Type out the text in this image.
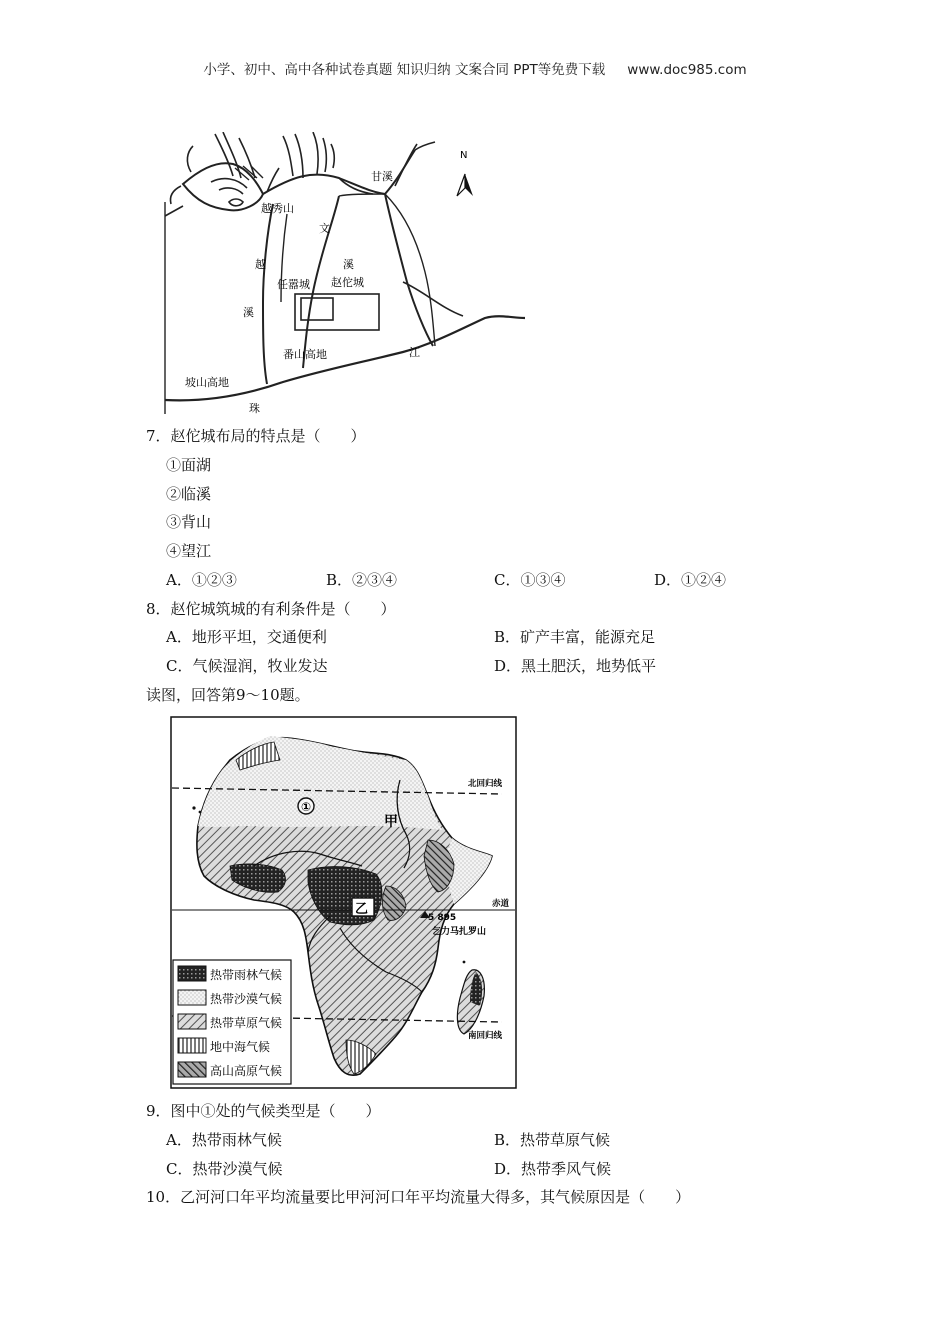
小学、初中、高中各种试卷真题 知识归纳 文案合同 PPT等免费下载 www.doc985.com
N
越秀山
甘溪
文
越
溪
溪
任嚣城 赵佗城
番山高地	江
坡山高地
珠
7．赵佗城布局的特点是（　　）
①面湖
②临溪
③背山
④望江
A．①②③	B．②③④	C．①③④	D．①②④
8．赵佗城筑城的有利条件是（　　）
A．地形平坦，交通便利	B．矿产丰富，能源充足
C．气候湿润，牧业发达	D．黑土肥沃，地势低平
读图，回答第9～10题。
北回归线
赤道
南回归线
①
甲
乙
5 895
乞力马扎罗山
热带雨林气候
热带沙漠气候
热带草原气候
地中海气候
高山高原气候
9．图中①处的气候类型是（　　）
A．热带雨林气候	B．热带草原气候
C．热带沙漠气候	D．热带季风气候
10．乙河河口年平均流量要比甲河河口年平均流量大得多，其气候原因是（　　）
